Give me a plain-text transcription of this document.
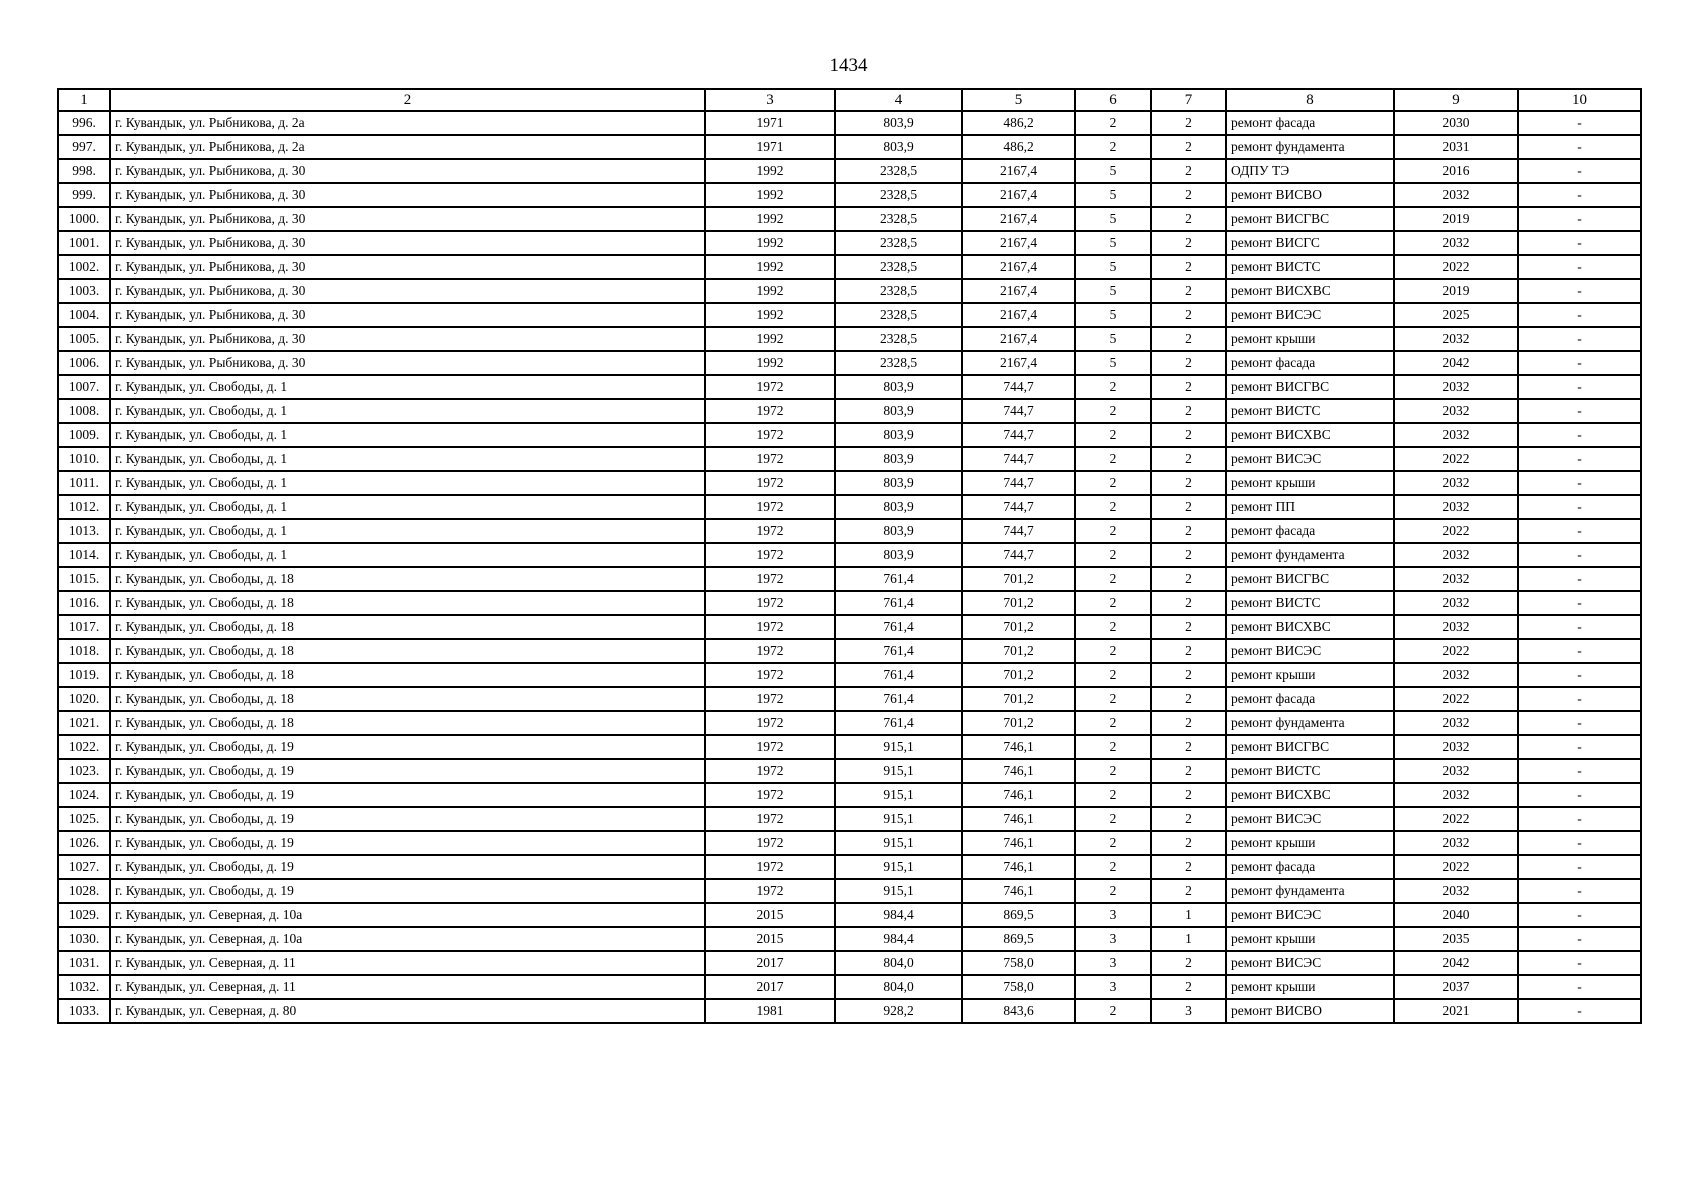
1434
1	2	3	4	5	6	7	8	9	10
996.	г. Кувандык, ул. Рыбникова, д. 2а	1971	803,9	486,2	2	2	ремонт фасада	2030	-
997.	г. Кувандык, ул. Рыбникова, д. 2а	1971	803,9	486,2	2	2	ремонт фундамента	2031	-
998.	г. Кувандык, ул. Рыбникова, д. 30	1992	2328,5	2167,4	5	2	ОДПУ ТЭ	2016	-
999.	г. Кувандык, ул. Рыбникова, д. 30	1992	2328,5	2167,4	5	2	ремонт ВИСВО	2032	-
1000.	г. Кувандык, ул. Рыбникова, д. 30	1992	2328,5	2167,4	5	2	ремонт ВИСГВС	2019	-
1001.	г. Кувандык, ул. Рыбникова, д. 30	1992	2328,5	2167,4	5	2	ремонт ВИСГС	2032	-
1002.	г. Кувандык, ул. Рыбникова, д. 30	1992	2328,5	2167,4	5	2	ремонт ВИСТС	2022	-
1003.	г. Кувандык, ул. Рыбникова, д. 30	1992	2328,5	2167,4	5	2	ремонт ВИСХВС	2019	-
1004.	г. Кувандык, ул. Рыбникова, д. 30	1992	2328,5	2167,4	5	2	ремонт ВИСЭС	2025	-
1005.	г. Кувандык, ул. Рыбникова, д. 30	1992	2328,5	2167,4	5	2	ремонт крыши	2032	-
1006.	г. Кувандык, ул. Рыбникова, д. 30	1992	2328,5	2167,4	5	2	ремонт фасада	2042	-
1007.	г. Кувандык, ул. Свободы, д. 1	1972	803,9	744,7	2	2	ремонт ВИСГВС	2032	-
1008.	г. Кувандык, ул. Свободы, д. 1	1972	803,9	744,7	2	2	ремонт ВИСТС	2032	-
1009.	г. Кувандык, ул. Свободы, д. 1	1972	803,9	744,7	2	2	ремонт ВИСХВС	2032	-
1010.	г. Кувандык, ул. Свободы, д. 1	1972	803,9	744,7	2	2	ремонт ВИСЭС	2022	-
1011.	г. Кувандык, ул. Свободы, д. 1	1972	803,9	744,7	2	2	ремонт крыши	2032	-
1012.	г. Кувандык, ул. Свободы, д. 1	1972	803,9	744,7	2	2	ремонт ПП	2032	-
1013.	г. Кувандык, ул. Свободы, д. 1	1972	803,9	744,7	2	2	ремонт фасада	2022	-
1014.	г. Кувандык, ул. Свободы, д. 1	1972	803,9	744,7	2	2	ремонт фундамента	2032	-
1015.	г. Кувандык, ул. Свободы, д. 18	1972	761,4	701,2	2	2	ремонт ВИСГВС	2032	-
1016.	г. Кувандык, ул. Свободы, д. 18	1972	761,4	701,2	2	2	ремонт ВИСТС	2032	-
1017.	г. Кувандык, ул. Свободы, д. 18	1972	761,4	701,2	2	2	ремонт ВИСХВС	2032	-
1018.	г. Кувандык, ул. Свободы, д. 18	1972	761,4	701,2	2	2	ремонт ВИСЭС	2022	-
1019.	г. Кувандык, ул. Свободы, д. 18	1972	761,4	701,2	2	2	ремонт крыши	2032	-
1020.	г. Кувандык, ул. Свободы, д. 18	1972	761,4	701,2	2	2	ремонт фасада	2022	-
1021.	г. Кувандык, ул. Свободы, д. 18	1972	761,4	701,2	2	2	ремонт фундамента	2032	-
1022.	г. Кувандык, ул. Свободы, д. 19	1972	915,1	746,1	2	2	ремонт ВИСГВС	2032	-
1023.	г. Кувандык, ул. Свободы, д. 19	1972	915,1	746,1	2	2	ремонт ВИСТС	2032	-
1024.	г. Кувандык, ул. Свободы, д. 19	1972	915,1	746,1	2	2	ремонт ВИСХВС	2032	-
1025.	г. Кувандык, ул. Свободы, д. 19	1972	915,1	746,1	2	2	ремонт ВИСЭС	2022	-
1026.	г. Кувандык, ул. Свободы, д. 19	1972	915,1	746,1	2	2	ремонт крыши	2032	-
1027.	г. Кувандык, ул. Свободы, д. 19	1972	915,1	746,1	2	2	ремонт фасада	2022	-
1028.	г. Кувандык, ул. Свободы, д. 19	1972	915,1	746,1	2	2	ремонт фундамента	2032	-
1029.	г. Кувандык, ул. Северная, д. 10а	2015	984,4	869,5	3	1	ремонт ВИСЭС	2040	-
1030.	г. Кувандык, ул. Северная, д. 10а	2015	984,4	869,5	3	1	ремонт крыши	2035	-
1031.	г. Кувандык, ул. Северная, д. 11	2017	804,0	758,0	3	2	ремонт ВИСЭС	2042	-
1032.	г. Кувандык, ул. Северная, д. 11	2017	804,0	758,0	3	2	ремонт крыши	2037	-
1033.	г. Кувандык, ул. Северная, д. 80	1981	928,2	843,6	2	3	ремонт ВИСВО	2021	-
